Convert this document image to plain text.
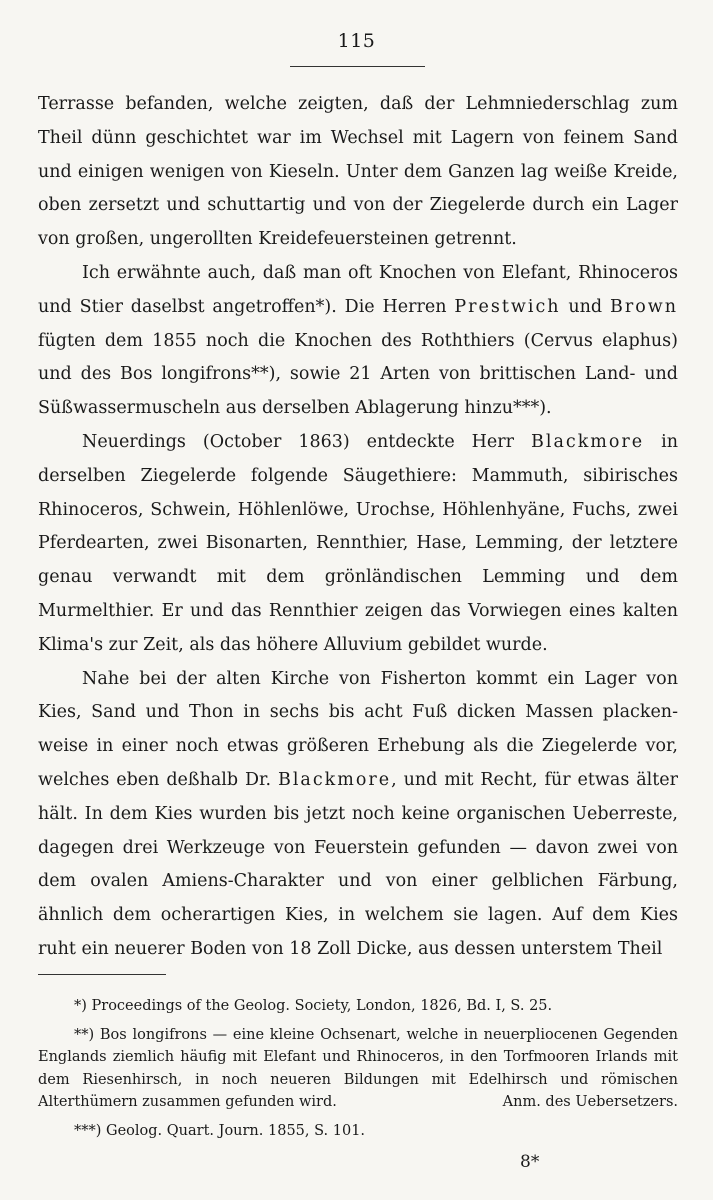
115

Terrasse befanden, welche zeigten, daß der Lehmniederschlag zum Theil dünn geschichtet war im Wechsel mit Lagern von feinem Sand und einigen wenigen von Kieseln. Unter dem Ganzen lag weiße Kreide, oben zersetzt und schuttartig und von der Ziegelerde durch ein Lager von großen, ungerollten Kreidefeuersteinen getrennt.

Ich erwähnte auch, daß man oft Knochen von Elefant, Rhinoceros und Stier daselbst angetroffen*). Die Herren Prestwich und Brown fügten dem 1855 noch die Knochen des Roththiers (Cervus elaphus) und des Bos longifrons**), sowie 21 Arten von brittischen Land- und Süßwassermuscheln aus derselben Ablagerung hinzu***).

Neuerdings (October 1863) entdeckte Herr Blackmore in derselben Ziegelerde folgende Säugethiere: Mammuth, sibirisches Rhinoceros, Schwein, Höhlenlöwe, Urochse, Höhlenhyäne, Fuchs, zwei Pferdearten, zwei Bisonarten, Rennthier, Hase, Lemming, der letztere genau verwandt mit dem grönländischen Lemming und dem Murmelthier. Er und das Rennthier zeigen das Vorwiegen eines kalten Klima's zur Zeit, als das höhere Alluvium gebildet wurde.

Nahe bei der alten Kirche von Fisherton kommt ein Lager von Kies, Sand und Thon in sechs bis acht Fuß dicken Massen plackenweise in einer noch etwas größeren Erhebung als die Ziegelerde vor, welches eben deßhalb Dr. Blackmore, und mit Recht, für etwas älter hält. In dem Kies wurden bis jetzt noch keine organischen Ueberreste, dagegen drei Werkzeuge von Feuerstein gefunden — davon zwei von dem ovalen Amiens-Charakter und von einer gelblichen Färbung, ähnlich dem ocherartigen Kies, in welchem sie lagen. Auf dem Kies ruht ein neuerer Boden von 18 Zoll Dicke, aus dessen unterstem Theil

*) Proceedings of the Geolog. Society, London, 1826, Bd. I, S. 25.

**) Bos longifrons — eine kleine Ochsenart, welche in neuerpliocenen Gegenden Englands ziemlich häufig mit Elefant und Rhinoceros, in den Torfmooren Irlands mit dem Riesenhirsch, in noch neueren Bildungen mit Edelhirsch und römischen Alterthümern zusammen gefunden wird.	Anm. des Uebersetzers.

***) Geolog. Quart. Journ. 1855, S. 101.

8*
